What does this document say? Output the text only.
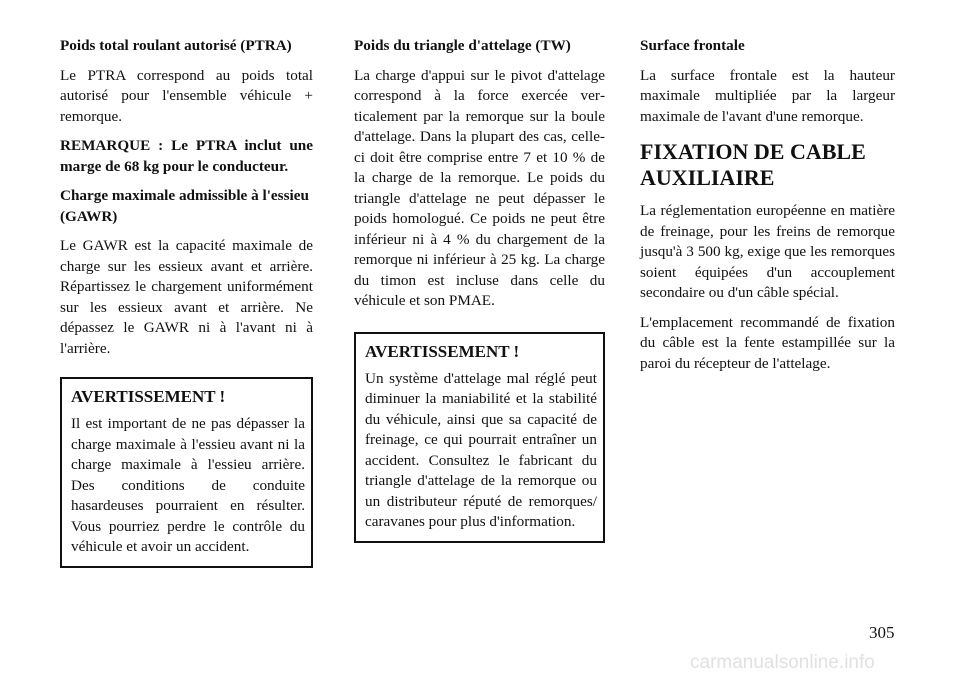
Poids total roulant autorisé (PTRA)

Le PTRA correspond au poids total autorisé pour l'ensemble véhicule + remorque.

REMARQUE : Le PTRA inclut une marge de 68 kg pour le conducteur.

Charge maximale admissible à l'essieu (GAWR)

Le GAWR est la capacité maximale de charge sur les essieux avant et arrière. Répartissez le chargement uniformément sur les essieux avant et arrière. Ne dépassez le GAWR ni à l'avant ni à l'arrière.

AVERTISSEMENT !

Il est important de ne pas dépasser la charge maximale à l'essieu avant ni la charge maximale à l'essieu arrière. Des conditions de conduite hasardeuses pourraient en résulter. Vous pourriez perdre le contrôle du véhicule et avoir un accident.

Poids du triangle d'attelage (TW)

La charge d'appui sur le pivot d'attelage correspond à la force exercée verticalement par la remorque sur la boule d'attelage. Dans la plupart des cas, celle-ci doit être comprise entre 7 et 10 % de la charge de la remorque. Le poids du triangle d'attelage ne peut dépasser le poids homologué. Ce poids ne peut être inférieur ni à 4 % du chargement de la remorque ni inférieur à 25 kg. La charge du timon est incluse dans celle du véhicule et son PMAE.

AVERTISSEMENT !

Un système d'attelage mal réglé peut diminuer la maniabilité et la stabilité du véhicule, ainsi que sa capacité de freinage, ce qui pourrait entraîner un accident. Consultez le fabricant du triangle d'attelage de la remorque ou un distributeur réputé de remorques/ caravanes pour plus d'information.

Surface frontale

La surface frontale est la hauteur maximale multipliée par la largeur maximale de l'avant d'une remorque.

FIXATION DE CABLE AUXILIAIRE

La réglementation européenne en matière de freinage, pour les freins de remorque jusqu'à 3 500 kg, exige que les remorques soient équipées d'un accouplement secondaire ou d'un câble spécial.

L'emplacement recommandé de fixation du câble est la fente estampillée sur la paroi du récepteur de l'attelage.

305
carmanualsonline.info
